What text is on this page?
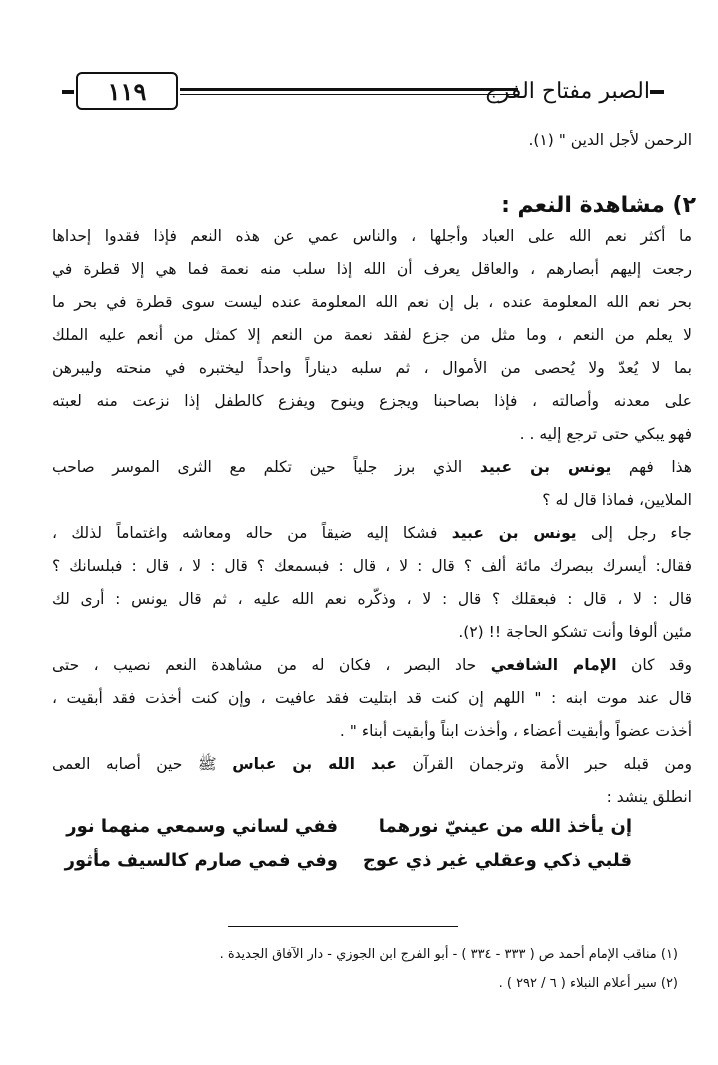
١١٩	الصبر مفتاح الفرج
الرحمن لأجل الدين " (١).
٢) مشاهدة النعم :
ما أكثر نعم الله على العباد وأجلها ، والناس عمي عن هذه النعم فإذا فقدوا إحداها
رجعت إليهم أبصارهم ، والعاقل يعرف أن الله إذا سلب منه نعمة فما هي إلا قطرة في
بحر نعم الله المعلومة عنده ، بل إن نعم الله المعلومة عنده ليست سوى قطرة في بحر ما
لا يعلم من النعم ، وما مثل من جزع لفقد نعمة من النعم إلا كمثل من أنعم عليه الملك
بما لا يُعدّ ولا يُحصى من الأموال ، ثم سلبه ديناراً واحداً ليختبره في منحته وليبرهن
على معدنه وأصالته ، فإذا بصاحبنا ويجزع وينوح ويفزع كالطفل إذا نزعت منه لعبته
فهو يبكي حتى ترجع إليه . .
هذا فهم يونس بن عبيد الذي برز جلياً حين تكلم مع الثرى الموسر صاحب
الملايين، فماذا قال له ؟
جاء رجل إلى يونس بن عبيد فشكا إليه ضيقاً من حاله ومعاشه واغتماماً لذلك ،
فقال: أيسرك ببصرك مائة ألف ؟ قال : لا ، قال : فبسمعك ؟ قال : لا ، قال : فبلسانك ؟
قال : لا ، قال : فبعقلك ؟ قال : لا ، وذكّره نعم الله عليه ، ثم قال يونس : أرى لك
مئين ألوفا وأنت تشكو الحاجة !! (٢).
وقد كان الإمام الشافعي حاد البصر ، فكان له من مشاهدة النعم نصيب ، حتى
قال عند موت ابنه : " اللهم إن كنت قد ابتليت فقد عافيت ، وإن كنت أخذت فقد أبقيت ،
أخذت عضواً وأبقيت أعضاء ، وأخذت ابناً وأبقيت أبناء " .
ومن قبله حبر الأمة وترجمان القرآن عبد الله بن عباس ﷺ حين أصابه العمى
انطلق ينشد :
إن يأخذ الله من عينيّ نورهما
ففي لساني وسمعي منهما نور
قلبي ذكي وعقلي غير ذي عوج
وفي فمي صارم كالسيف مأثور
(١) مناقب الإمام أحمد ص ( ٣٣٣ - ٣٣٤ ) - أبو الفرج ابن الجوزي - دار الآفاق الجديدة .
(٢) سير أعلام النبلاء ( ٦ / ٢٩٢ ) .
